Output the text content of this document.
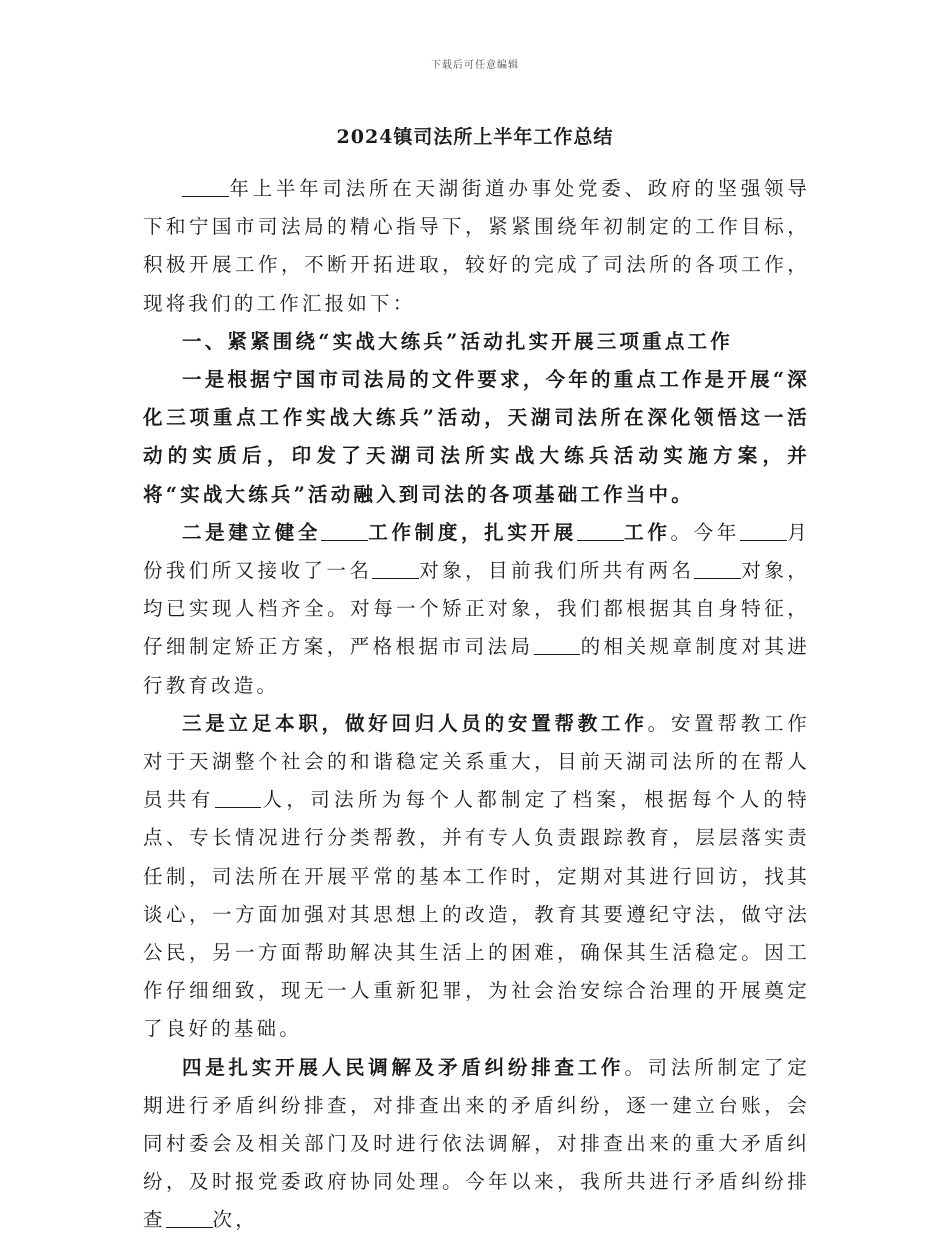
下载后可任意编辑
2024镇司法所上半年工作总结

年上半年司法所在天湖街道办事处党委、政府的坚强领导下和宁国市司法局的精心指导下，紧紧围绕年初制定的工作目标，积极开展工作，不断开拓进取，较好的完成了司法所的各项工作，现将我们的工作汇报如下：

一、紧紧围绕“实战大练兵”活动扎实开展三项重点工作

一是根据宁国市司法局的文件要求，今年的重点工作是开展“深化三项重点工作实战大练兵”活动，天湖司法所在深化领悟这一活动的实质后，印发了天湖司法所实战大练兵活动实施方案，并将“实战大练兵”活动融入到司法的各项基础工作当中。

二是建立健全 工作制度，扎实开展 工作。今年 月份我们所又接收了一名 对象，目前我们所共有两名 对象，均已实现人档齐全。对每一个矫正对象，我们都根据其自身特征，仔细制定矫正方案，严格根据市司法局 的相关规章制度对其进行教育改造。

三是立足本职，做好回归人员的安置帮教工作。安置帮教工作对于天湖整个社会的和谐稳定关系重大，目前天湖司法所的在帮人员共有 人，司法所为每个人都制定了档案，根据每个人的特点、专长情况进行分类帮教，并有专人负责跟踪教育，层层落实责任制，司法所在开展平常的基本工作时，定期对其进行回访，找其谈心，一方面加强对其思想上的改造，教育其要遵纪守法，做守法公民，另一方面帮助解决其生活上的困难，确保其生活稳定。因工作仔细细致，现无一人重新犯罪，为社会治安综合治理的开展奠定了良好的基础。

四是扎实开展人民调解及矛盾纠纷排查工作。司法所制定了定期进行矛盾纠纷排查，对排查出来的矛盾纠纷，逐一建立台账，会同村委会及相关部门及时进行依法调解，对排查出来的重大矛盾纠纷，及时报党委政府协同处理。今年以来，我所共进行矛盾纠纷排查 次，
